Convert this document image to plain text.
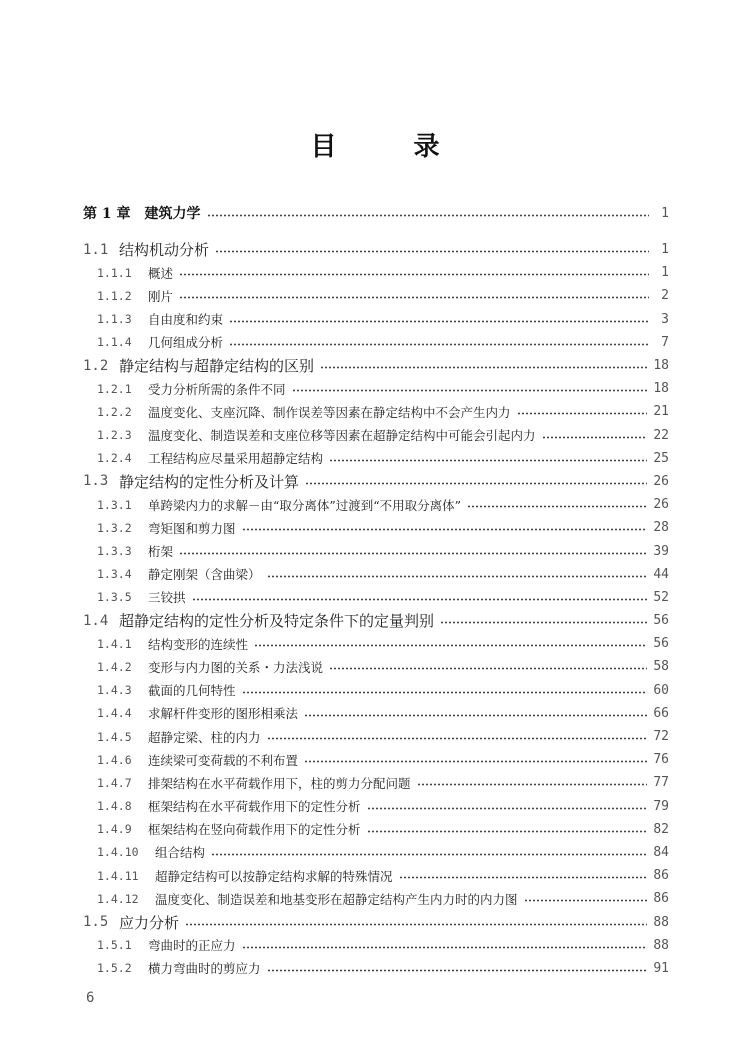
目 录
第 1 章 建筑力学	1
1.1 结构机动分析	1
1.1.1	概述	1
1.1.2	刚片	2
1.1.3	自由度和约束	3
1.1.4	几何组成分析	7
1.2 静定结构与超静定结构的区别	18
1.2.1	受力分析所需的条件不同	18
1.2.2	温度变化、支座沉降、制作误差等因素在静定结构中不会产生内力	21
1.2.3	温度变化、制造误差和支座位移等因素在超静定结构中可能会引起内力	22
1.2.4	工程结构应尽量采用超静定结构	25
1.3 静定结构的定性分析及计算	26
1.3.1	单跨梁内力的求解－由“取分离体”过渡到“不用取分离体”	26
1.3.2	弯矩图和剪力图	28
1.3.3	桁架	39
1.3.4	静定刚架（含曲梁）	44
1.3.5	三铰拱	52
1.4 超静定结构的定性分析及特定条件下的定量判别	56
1.4.1	结构变形的连续性	56
1.4.2	变形与内力图的关系・力法浅说	58
1.4.3	截面的几何特性	60
1.4.4	求解杆件变形的图形相乘法	66
1.4.5	超静定梁、柱的内力	72
1.4.6	连续梁可变荷载的不利布置	76
1.4.7	排架结构在水平荷载作用下，柱的剪力分配问题	77
1.4.8	框架结构在水平荷载作用下的定性分析	79
1.4.9	框架结构在竖向荷载作用下的定性分析	82
1.4.10	组合结构	84
1.4.11	超静定结构可以按静定结构求解的特殊情况	86
1.4.12	温度变化、制造误差和地基变形在超静定结构产生内力时的内力图	86
1.5 应力分析	88
1.5.1	弯曲时的正应力	88
1.5.2	横力弯曲时的剪应力	91
6
